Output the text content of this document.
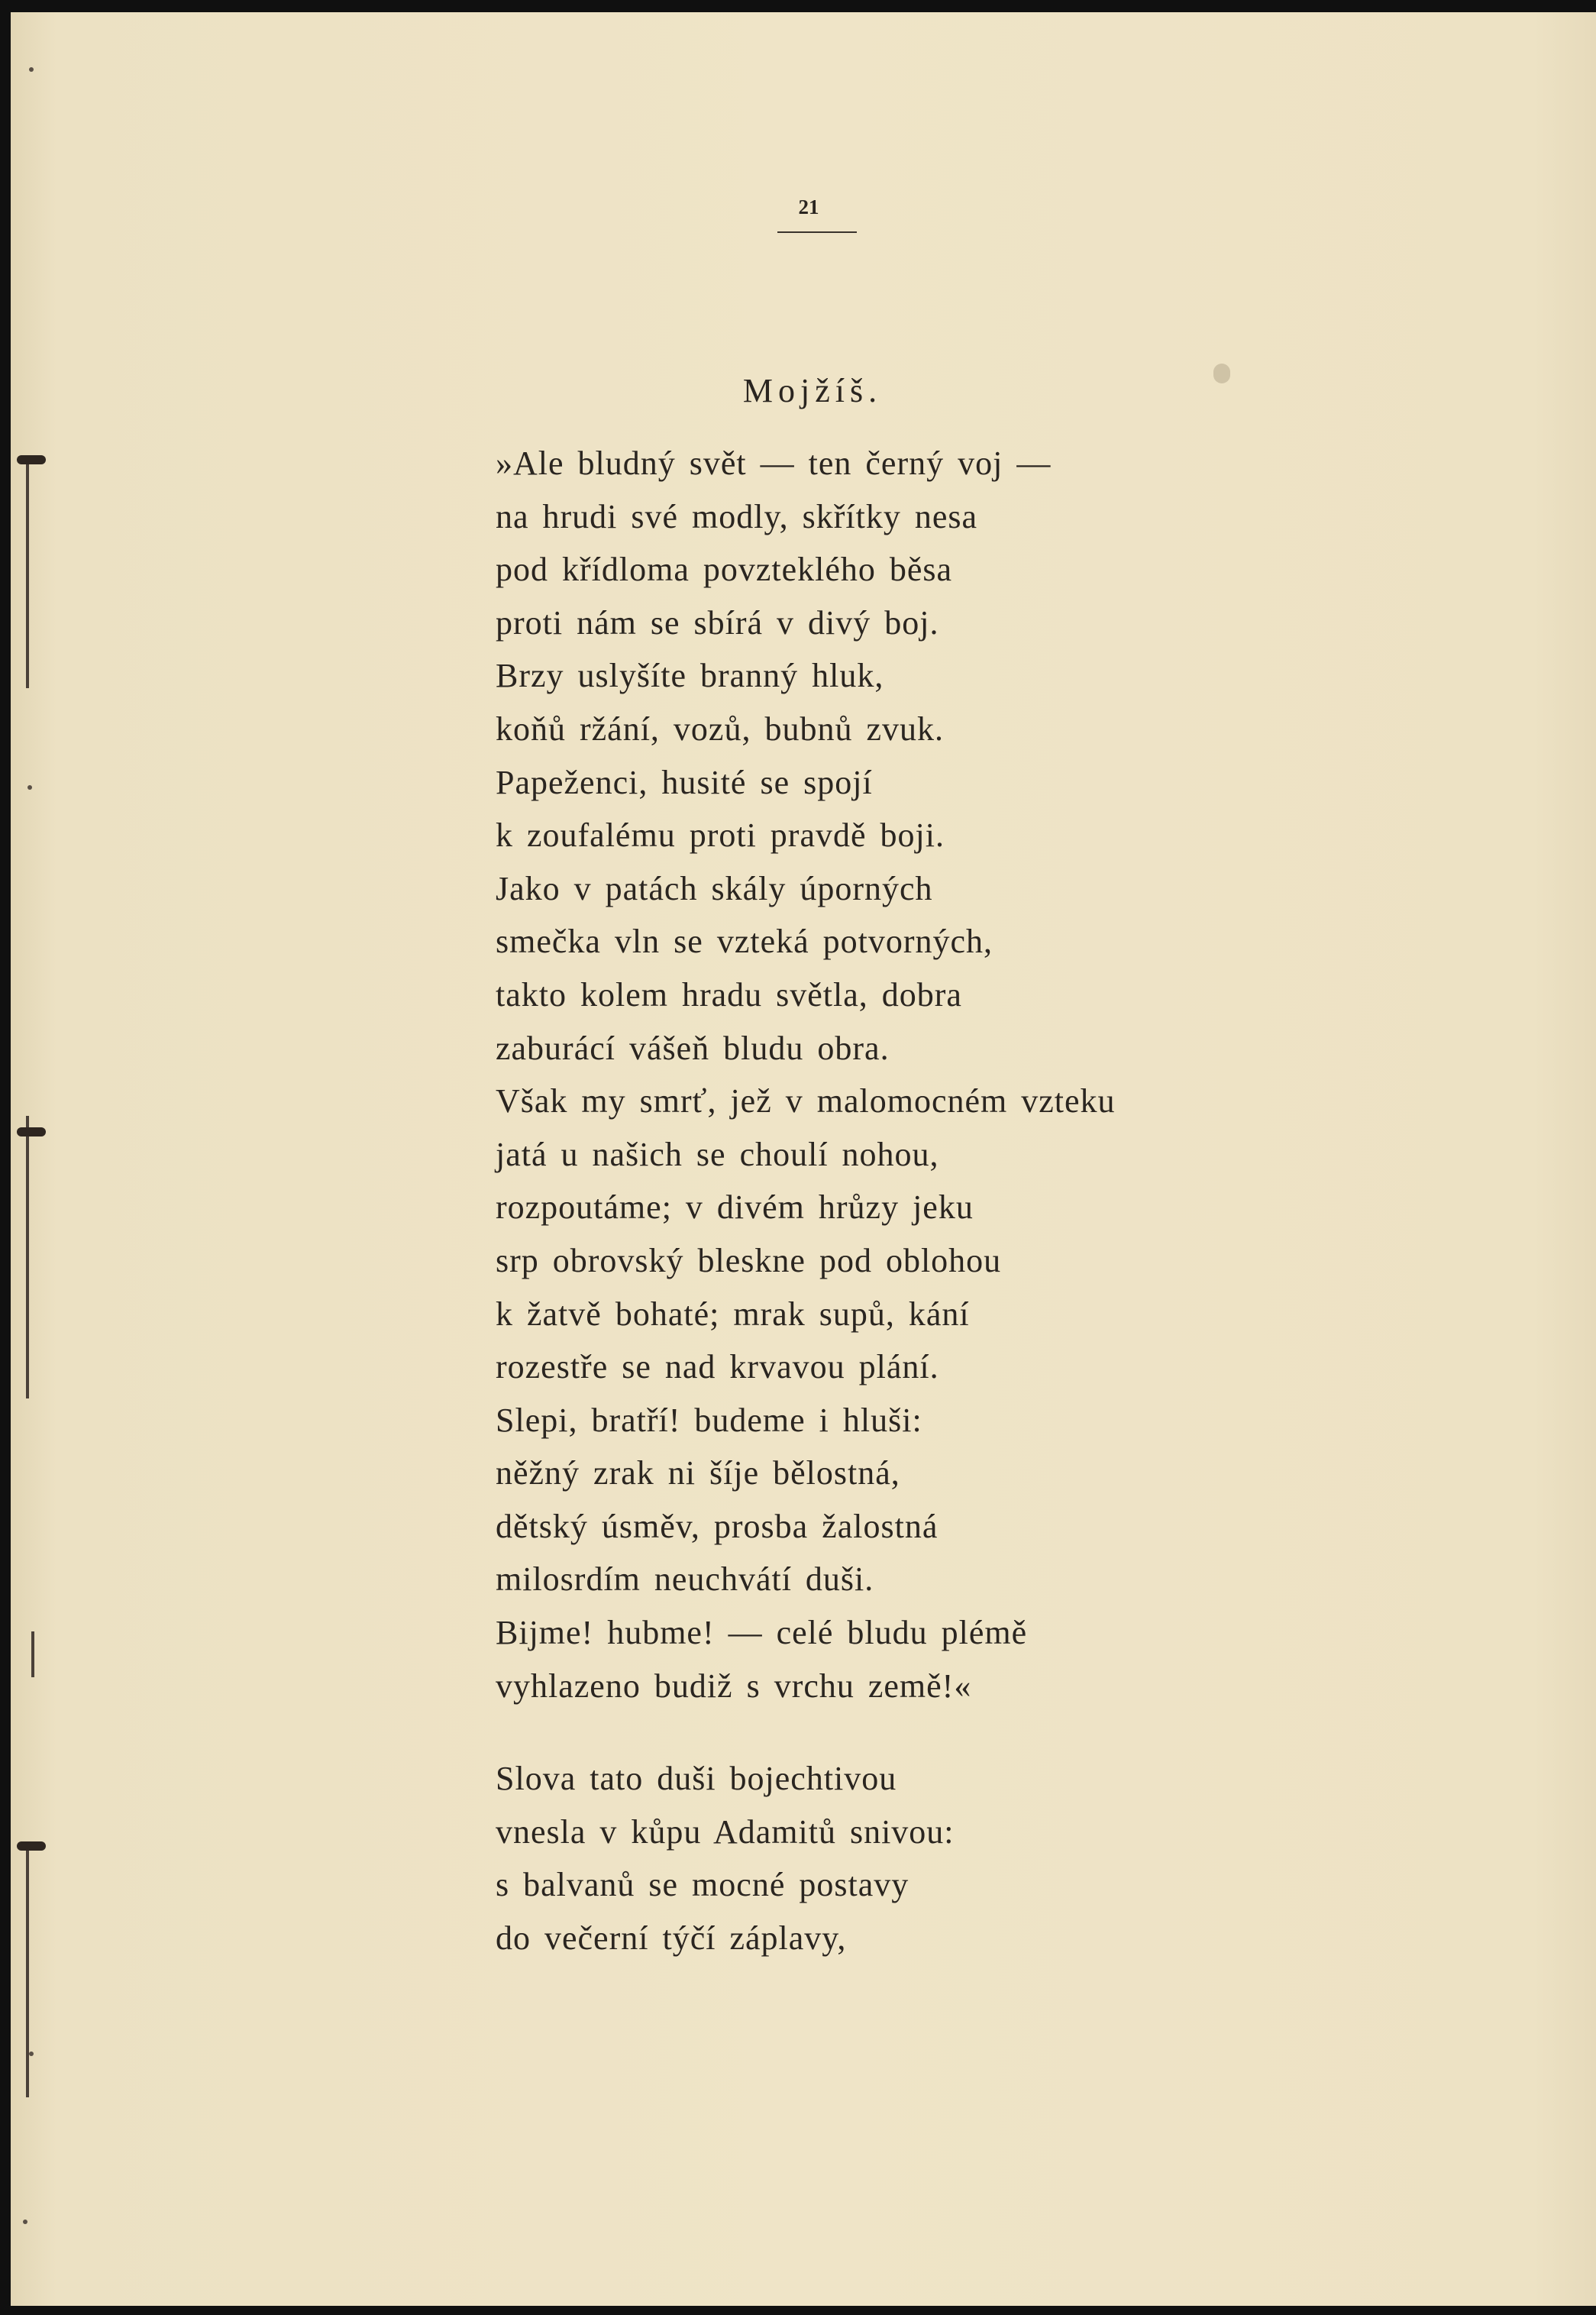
21
Mojžíš.
»Ale bludný svět — ten černý voj —
na hrudi své modly, skřítky nesa
pod křídloma povzteklého běsa
proti nám se sbírá v divý boj.
Brzy uslyšíte branný hluk,
koňů ržání, vozů, bubnů zvuk.
Papeženci, husité se spojí
k zoufalému proti pravdě boji.
Jako v patách skály úporných
smečka vln se vzteká potvorných,
takto kolem hradu světla, dobra
zaburácí vášeň bludu obra.
Však my smrť, jež v malomocném vzteku
jatá u našich se choulí nohou,
rozpoutáme; v divém hrůzy jeku
srp obrovský bleskne pod oblohou
k žatvě bohaté; mrak supů, kání
rozestře se nad krvavou plání.
Slepi, bratří! budeme i hluši:
něžný zrak ni šíje bělostná,
dětský úsměv, prosba žalostná
milosrdím neuchvátí duši.
Bijme! hubme! — celé bludu plémě
vyhlazeno budiž s vrchu země!«
Slova tato duši bojechtivou
vnesla v kůpu Adamitů snivou:
s balvanů se mocné postavy
do večerní týčí záplavy,
